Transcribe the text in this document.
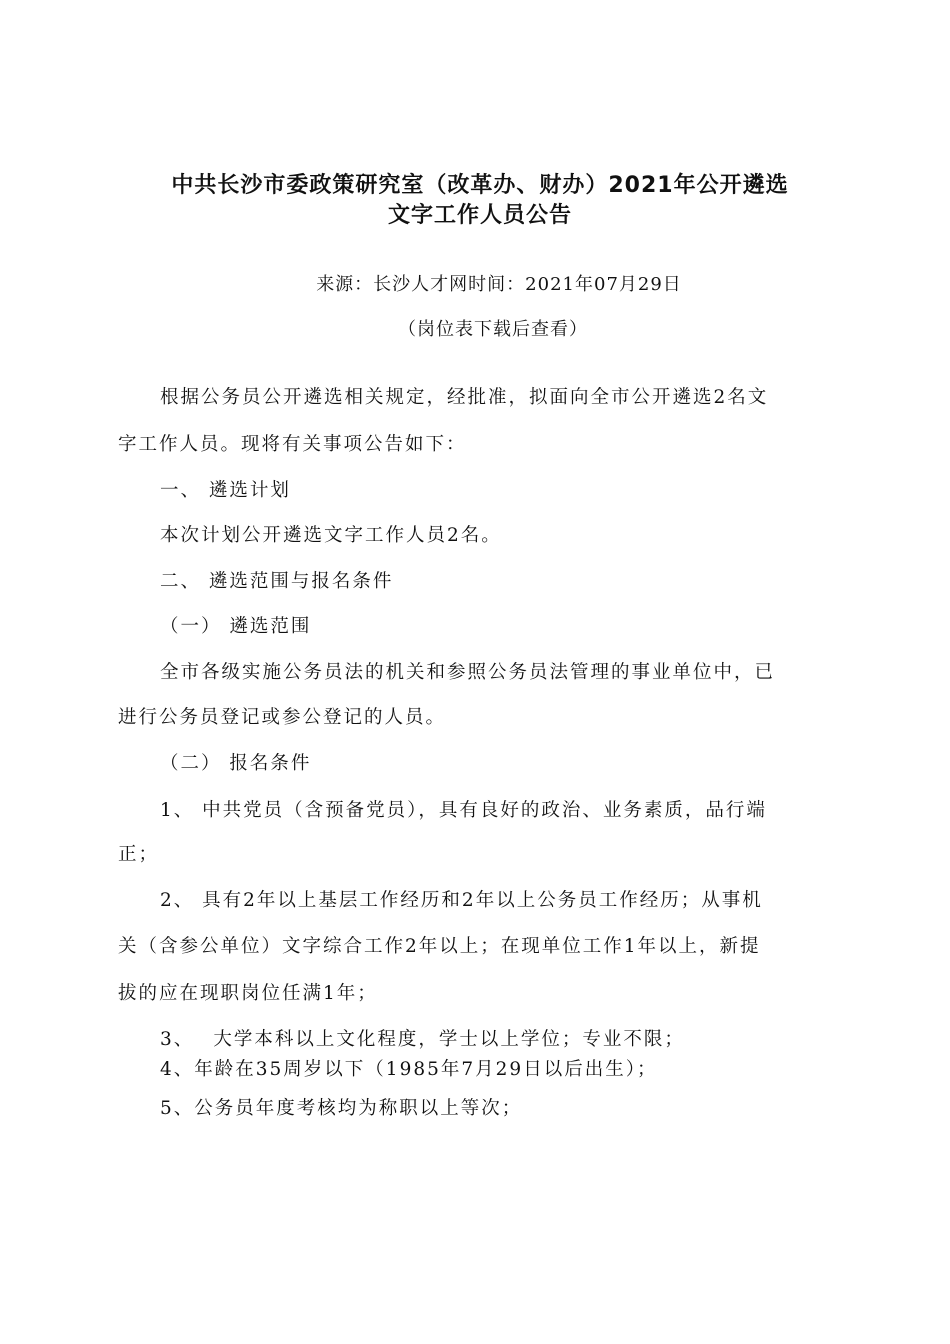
中共长沙市委政策研究室（改革办、财办）2021年公开遴选
文字工作人员公告
来源：长沙人才网时间：2021年07月29日
（岗位表下载后查看）
根据公务员公开遴选相关规定，经批准，拟面向全市公开遴选2名文
字工作人员。现将有关事项公告如下：
一、 遴选计划
本次计划公开遴选文字工作人员2名。
二、 遴选范围与报名条件
（一） 遴选范围
全市各级实施公务员法的机关和参照公务员法管理的事业单位中，已
进行公务员登记或参公登记的人员。
（二） 报名条件
1、 中共党员（含预备党员），具有良好的政治、业务素质，品行端
正；
2、 具有2年以上基层工作经历和2年以上公务员工作经历；从事机
关（含参公单位）文字综合工作2年以上；在现单位工作1年以上，新提
拔的应在现职岗位任满1年；
3、　 大学本科以上文化程度，学士以上学位；专业不限；
4、年龄在35周岁以下（1985年7月29日以后出生）；
5、公务员年度考核均为称职以上等次；
